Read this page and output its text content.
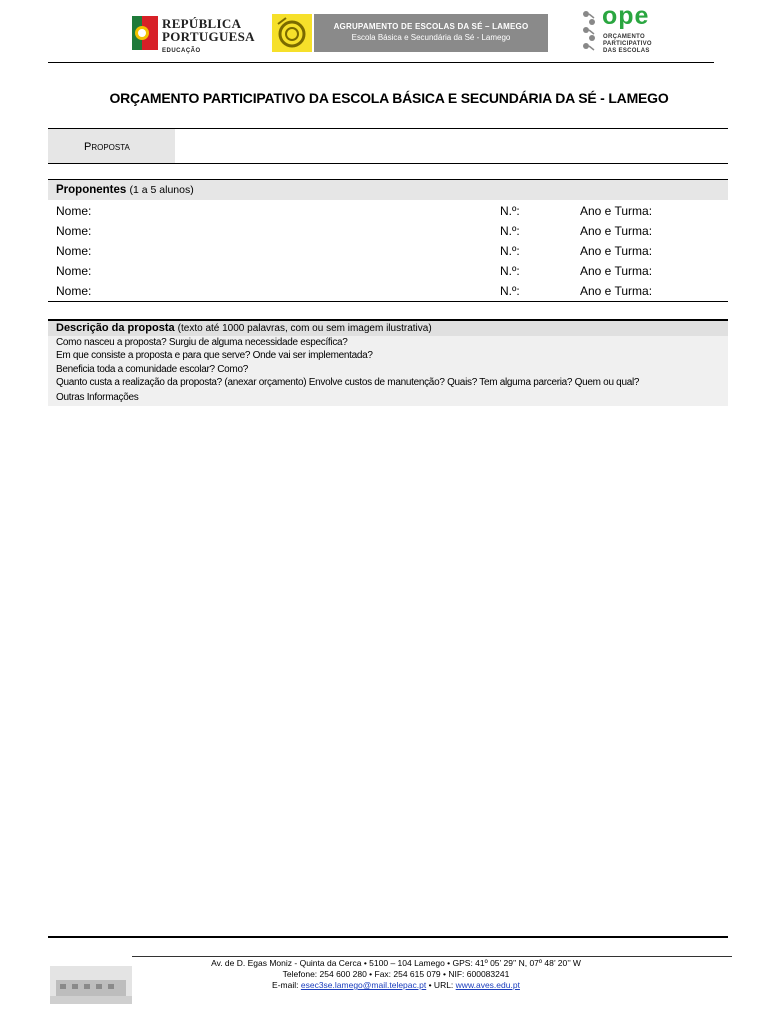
REPÚBLICA
PORTUGUESA
EDUCAÇÃO
AGRUPAMENTO DE ESCOLAS DA SÉ – LAMEGO
Escola Básica e Secundária da Sé - Lamego
ope
ORÇAMENTO
PARTICIPATIVO
DAS ESCOLAS
ORÇAMENTO PARTICIPATIVO DA ESCOLA BÁSICA E SECUNDÁRIA DA SÉ - LAMEGO
Proposta
Proponentes (1 a 5 alunos)
Nome:	N.º:	Ano e Turma:
Nome:	N.º:	Ano e Turma:
Nome:	N.º:	Ano e Turma:
Nome:	N.º:	Ano e Turma:
Nome:	N.º:	Ano e Turma:
Descrição da proposta (texto até 1000 palavras, com ou sem imagem ilustrativa)
Como nasceu a proposta? Surgiu de alguma necessidade específica?
Em que consiste a proposta e para que serve? Onde vai ser implementada?
Beneficia toda a comunidade escolar? Como?
Quanto custa a realização da proposta? (anexar orçamento) Envolve custos de manutenção? Quais? Tem alguma parceria? Quem ou qual?
Outras Informações
Av. de D. Egas Moniz - Quinta da Cerca • 5100 – 104 Lamego • GPS: 41º 05’ 29’’ N, 07º 48’ 20’’ W
Telefone: 254 600 280 • Fax: 254 615 079 • NIF: 600083241
E-mail: esec3se.lamego@mail.telepac.pt • URL: www.aves.edu.pt
